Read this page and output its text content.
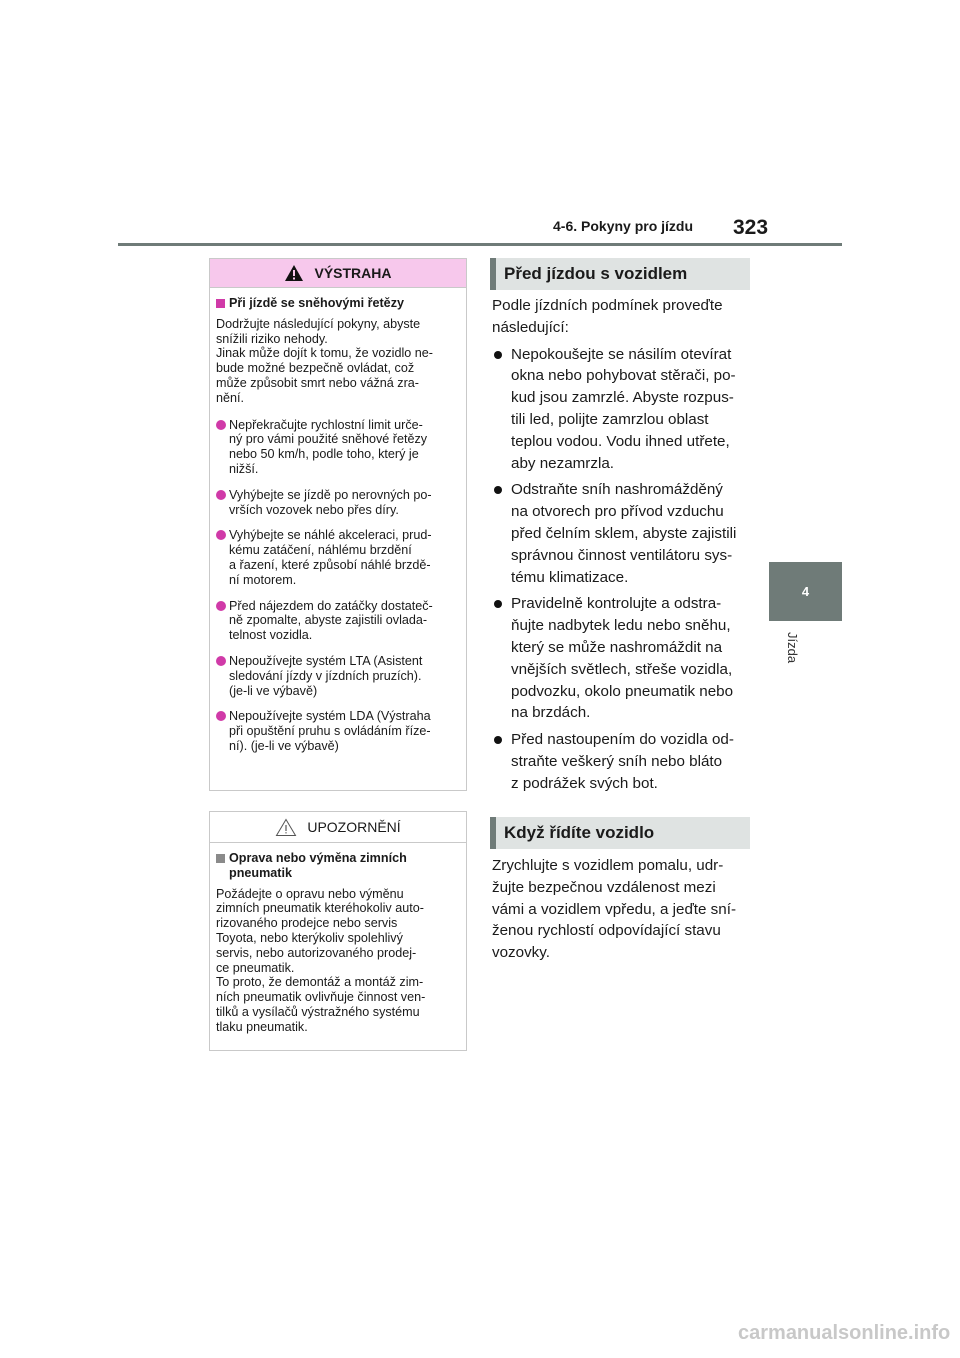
4-6. Pokyny pro jízdu 323
4
Jízda
VÝSTRAHA
Při jízdě se sněhovými řetězy
Dodržujte následující pokyny, abyste
snížili riziko nehody.
Jinak může dojít k tomu, že vozidlo ne-
bude možné bezpečně ovládat, což
může způsobit smrt nebo vážná zra-
nění.
Nepřekračujte rychlostní limit urče-
ný pro vámi použité sněhové řetězy
nebo 50 km/h, podle toho, který je
nižší.
Vyhýbejte se jízdě po nerovných po-
vrších vozovek nebo přes díry.
Vyhýbejte se náhlé akceleraci, prud-
kému zatáčení, náhlému brzdění
a řazení, které způsobí náhlé brzdě-
ní motorem.
Před nájezdem do zatáčky dostateč-
ně zpomalte, abyste zajistili ovlada-
telnost vozidla.
Nepoužívejte systém LTA (Asistent
sledování jízdy v jízdních pruzích).
(je-li ve výbavě)
Nepoužívejte systém LDA (Výstraha
při opuštění pruhu s ovládáním říze-
ní). (je-li ve výbavě)
UPOZORNĚNÍ
Oprava nebo výměna zimních
pneumatik
Požádejte o opravu nebo výměnu
zimních pneumatik kteréhokoliv auto-
rizovaného prodejce nebo servis
Toyota, nebo kterýkoliv spolehlivý
servis, nebo autorizovaného prodej-
ce pneumatik.
To proto, že demontáž a montáž zim-
ních pneumatik ovlivňuje činnost ven-
tilků a vysílačů výstražného systému
tlaku pneumatik.
Před jízdou s vozidlem
Podle jízdních podmínek proveďte
následující:
Nepokoušejte se násilím otevírat
okna nebo pohybovat stěrači, po-
kud jsou zamrzlé. Abyste rozpus-
tili led, polijte zamrzlou oblast
teplou vodou. Vodu ihned utřete,
aby nezamrzla.
Odstraňte sníh nashromážděný
na otvorech pro přívod vzduchu
před čelním sklem, abyste zajistili
správnou činnost ventilátoru sys-
tému klimatizace.
Pravidelně kontrolujte a odstra-
ňujte nadbytek ledu nebo sněhu,
který se může nashromáždit na
vnějších světlech, střeše vozidla,
podvozku, okolo pneumatik nebo
na brzdách.
Před nastoupením do vozidla od-
straňte veškerý sníh nebo bláto
z podrážek svých bot.
Když řídíte vozidlo
Zrychlujte s vozidlem pomalu, udr-
žujte bezpečnou vzdálenost mezi
vámi a vozidlem vpředu, a jeďte sní-
ženou rychlostí odpovídající stavu
vozovky.
carmanualsonline.info
